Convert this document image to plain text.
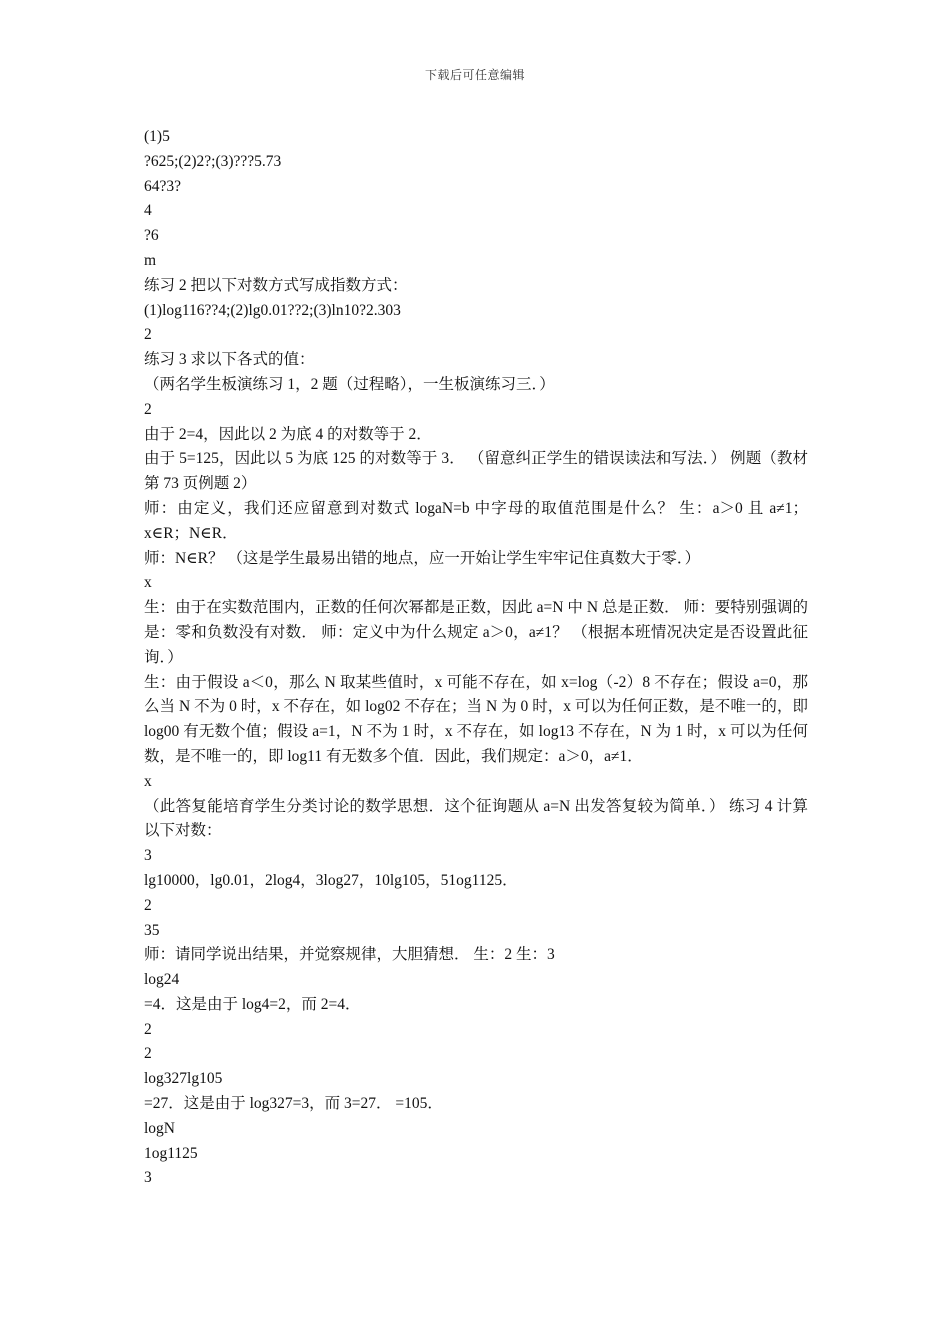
下载后可任意编辑

(1)5

?625;(2)2?;(3)???5.73

64?3?

4

?6

m

练习 2 把以下对数方式写成指数方式：

(1)log116??4;(2)lg0.01??2;(3)ln10?2.303

2

练习 3 求以下各式的值：

（两名学生板演练习 1，2 题（过程略），一生板演练习三．）

2

由于 2=4，因此以 2 为底 4 的对数等于 2．

由于 5=125，因此以 5 为底 125 的对数等于 3． （留意纠正学生的错误读法和写法．） 例题（教材第 73 页例题 2）

师：由定义，我们还应留意到对数式 logaN=b 中字母的取值范围是什么？ 生：a＞0 且 a≠1；x∈R；N∈R．

师：N∈R？ （这是学生最易出错的地点，应一开始让学生牢牢记住真数大于零．）

x

生：由于在实数范围内，正数的任何次幂都是正数，因此 a=N 中 N 总是正数． 师：要特别强调的是：零和负数没有对数． 师：定义中为什么规定 a＞0，a≠1？ （根据本班情况决定是否设置此征询．）

生：由于假设 a＜0，那么 N 取某些值时，x 可能不存在，如 x=log（-2）8 不存在；假设 a=0，那么当 N 不为 0 时，x 不存在，如 log02 不存在；当 N 为 0 时，x 可以为任何正数，是不唯一的，即 log00 有无数个值；假设 a=1，N 不为 1 时，x 不存在，如 log13 不存在，N 为 1 时，x 可以为任何数，是不唯一的，即 log11 有无数多个值．因此，我们规定：a＞0，a≠1．

x

（此答复能培育学生分类讨论的数学思想．这个征询题从 a=N 出发答复较为简单．） 练习 4 计算以下对数：

3

lg10000，lg0.01，2log4，3log27，10lg105，51og1125．

2

35

师：请同学说出结果，并觉察规律，大胆猜想． 生：2 生：3

log24

=4．这是由于 log4=2，而 2=4．

2

2

log327lg105

=27．这是由于 log327=3，而 3=27． =105．

logN

1og1125

3
